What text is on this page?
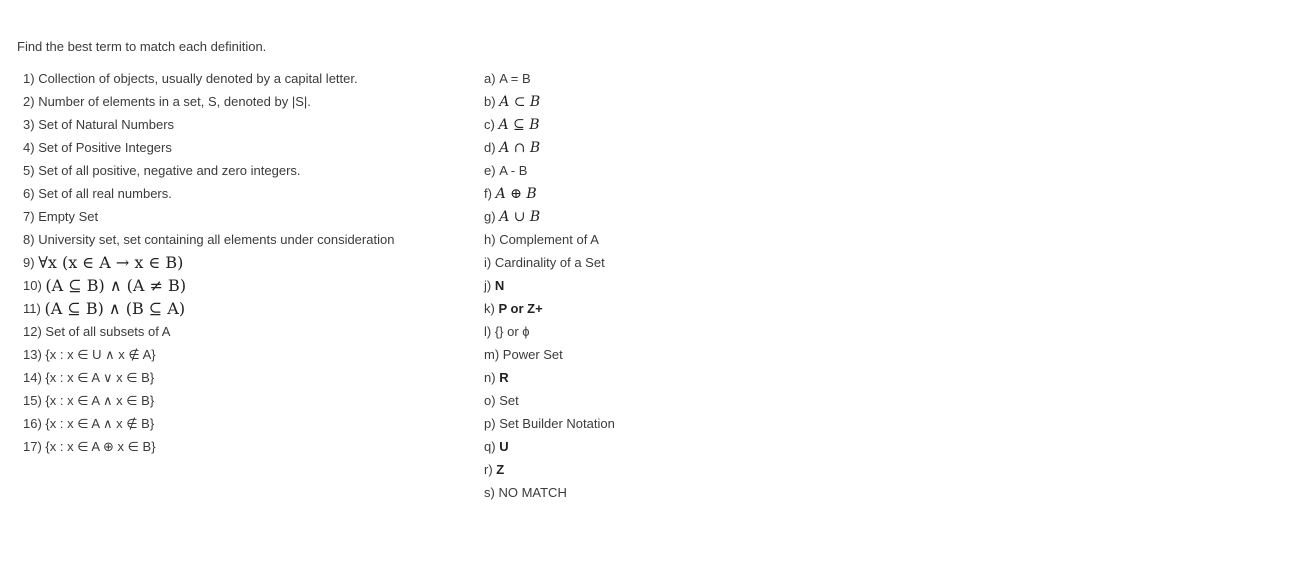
Find the best term to match each definition.
1) Collection of objects, usually denoted by a capital letter.
2) Number of elements in a set, S, denoted by |S|.
3) Set of Natural Numbers
4) Set of Positive Integers
5) Set of all positive, negative and zero integers.
6) Set of all real numbers.
7) Empty Set
8) University set, set containing all elements under consideration
9) ∀x (x ∈ A → x ∈ B)
10) (A ⊆ B) ∧ (A ≠ B)
11) (A ⊆ B) ∧ (B ⊆ A)
12) Set of all subsets of A
13) {x : x ∈ U ∧ x ∉ A}
14) {x : x ∈ A ∨ x ∈ B}
15) {x : x ∈ A ∧ x ∈ B}
16) {x : x ∈ A ∧ x ∉ B}
17) {x : x ∈ A ⊕ x ∈ B}
a) A = B
b) A ⊂ B
c) A ⊆ B
d) A ∩ B
e) A - B
f) A ⊕ B
g) A ∪ B
h) Complement of A
i) Cardinality of a Set
j) N
k) P or Z+
l) {} or ϕ
m) Power Set
n) R
o) Set
p) Set Builder Notation
q) U
r) Z
s) NO MATCH
